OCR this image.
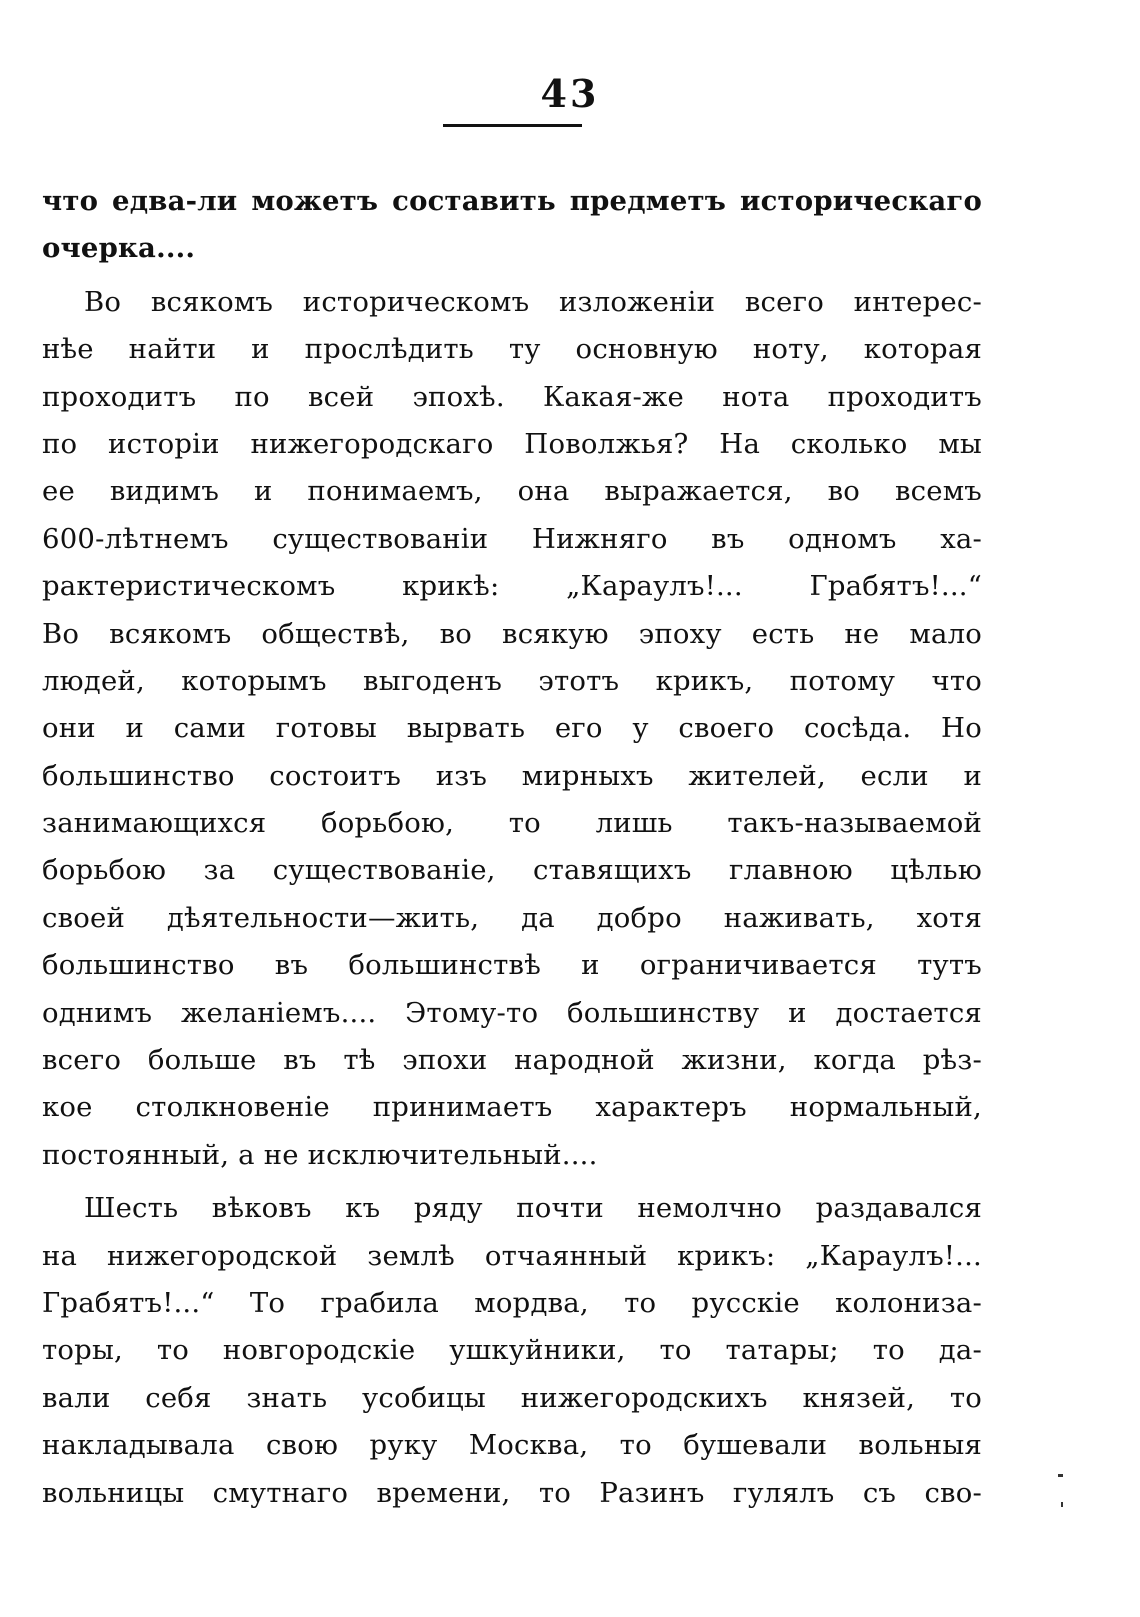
43
что едва-ли можетъ составить предметъ историческаго
очерка....
Во всякомъ историческомъ изложенiи всего интерес-
нѣе найти и прослѣдить ту основную ноту, которая
проходитъ по всей эпохѣ. Какая-же нота проходитъ
по исторiи нижегородскаго Поволжья? На сколько мы
ее видимъ и понимаемъ, она выражается, во всемъ
600-лѣтнемъ существованiи Нижняго въ одномъ ха-
рактеристическомъ крикѣ: „Караулъ!... Грабятъ!...“
Во всякомъ обществѣ, во всякую эпоху есть не мало
людей, которымъ выгоденъ этотъ крикъ, потому что
они и сами готовы вырвать его у своего сосѣда. Но
большинство состоитъ изъ мирныхъ жителей, если и
занимающихся борьбою, то лишь такъ-называемой
борьбою за существованiе, ставящихъ главною цѣлью
своей дѣятельности—жить, да добро наживать, хотя
большинство въ большинствѣ и ограничивается тутъ
однимъ желанiемъ.... Этому-то большинству и достается
всего больше въ тѣ эпохи народной жизни, когда рѣз-
кое столкновенiе принимаетъ характеръ нормальный,
постоянный, а не исключительный....
Шесть вѣковъ къ ряду почти немолчно раздавался
на нижегородской землѣ отчаянный крикъ: „Караулъ!...
Грабятъ!...“ То грабила мордва, то русскiе колониза-
торы, то новгородскiе ушкуйники, то татары; то да-
вали себя знать усобицы нижегородскихъ князей, то
накладывала свою руку Москва, то бушевали вольныя
вольницы смутнаго времени, то Разинъ гулялъ съ сво-
